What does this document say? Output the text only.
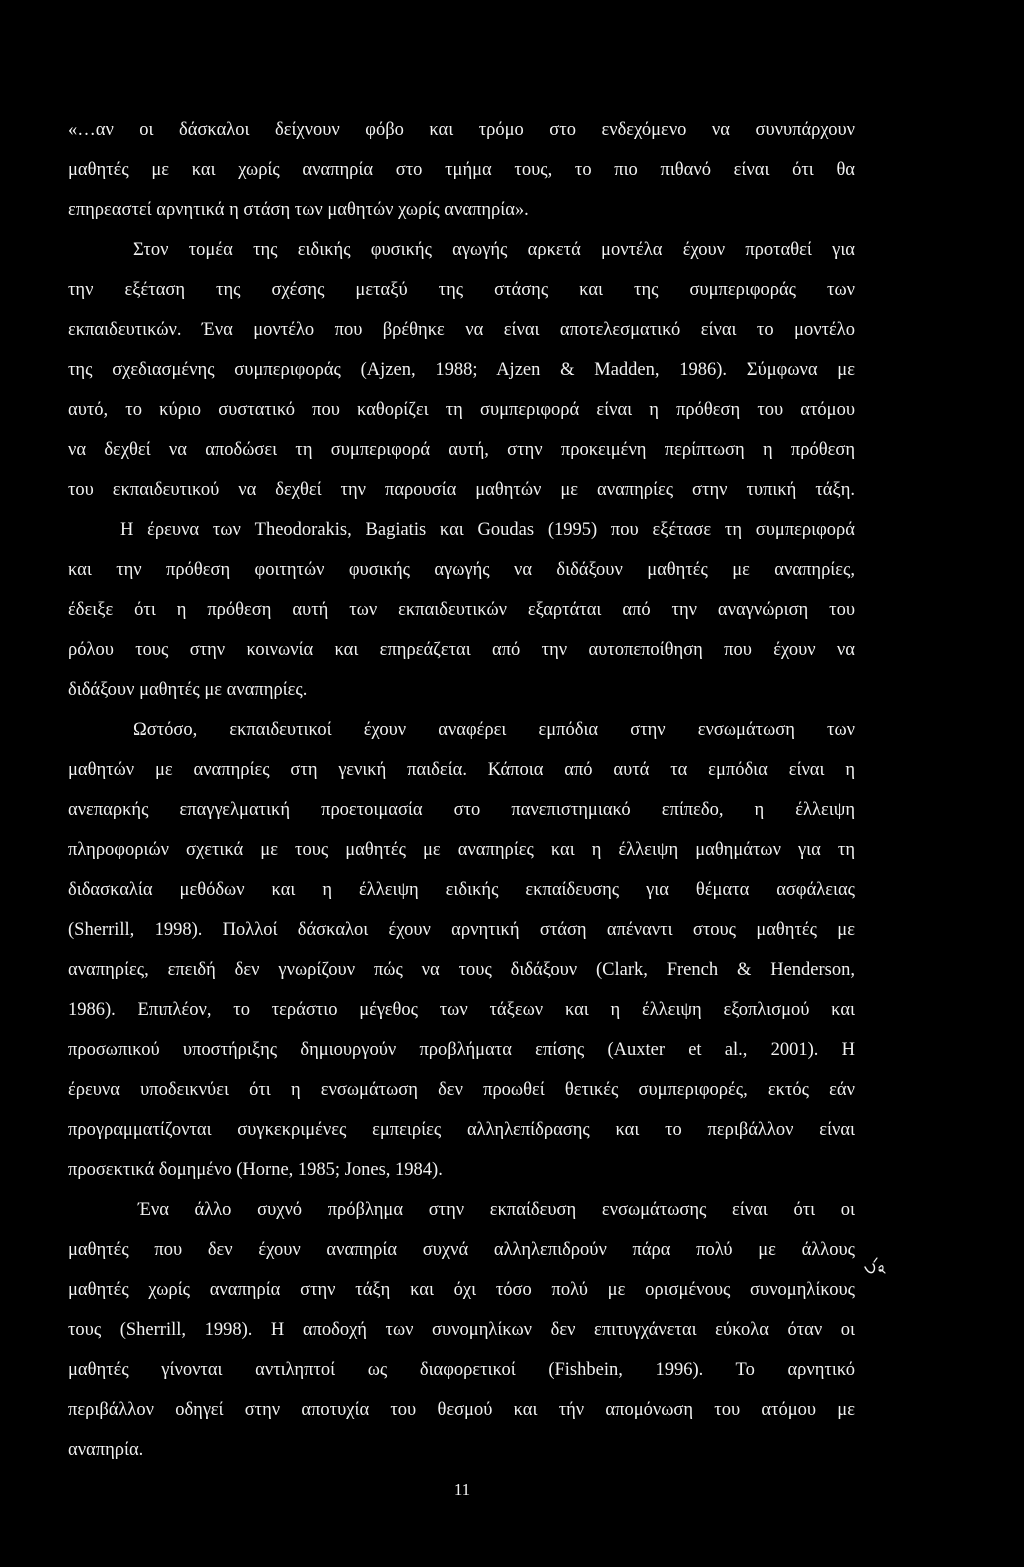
«…αν οι δάσκαλοι δείχνουν φόβο και τρόμο στο ενδεχόμενο να συνυπάρχουν
μαθητές με και χωρίς αναπηρία στο τμήμα τους, το πιο πιθανό είναι ότι θα
επηρεαστεί αρνητικά η στάση των μαθητών χωρίς αναπηρία».
Στον τομέα της ειδικής φυσικής αγωγής αρκετά μοντέλα έχουν προταθεί για
την εξέταση της σχέσης μεταξύ της στάσης και της συμπεριφοράς των
εκπαιδευτικών. Ένα μοντέλο που βρέθηκε να είναι αποτελεσματικό είναι το μοντέλο
της σχεδιασμένης συμπεριφοράς (Ajzen, 1988; Ajzen & Madden, 1986). Σύμφωνα με
αυτό, το κύριο συστατικό που καθορίζει τη συμπεριφορά είναι η πρόθεση του ατόμου
να δεχθεί να αποδώσει τη συμπεριφορά αυτή, στην προκειμένη περίπτωση η πρόθεση
του εκπαιδευτικού να δεχθεί την παρουσία μαθητών με αναπηρίες στην τυπική τάξη.
Η έρευνα των Theodorakis, Bagiatis και Goudas (1995) που εξέτασε τη συμπεριφορά
και την πρόθεση φοιτητών φυσικής αγωγής να διδάξουν μαθητές με αναπηρίες,
έδειξε ότι η πρόθεση αυτή των εκπαιδευτικών εξαρτάται από την αναγνώριση του
ρόλου τους στην κοινωνία και επηρεάζεται από την αυτοπεποίθηση που έχουν να
διδάξουν μαθητές με αναπηρίες.
Ωστόσο, εκπαιδευτικοί έχουν αναφέρει εμπόδια στην ενσωμάτωση των
μαθητών με αναπηρίες στη γενική παιδεία. Κάποια από αυτά τα εμπόδια είναι η
ανεπαρκής επαγγελματική προετοιμασία στο πανεπιστημιακό επίπεδο, η έλλειψη
πληροφοριών σχετικά με τους μαθητές με αναπηρίες και η έλλειψη μαθημάτων για τη
διδασκαλία μεθόδων και η έλλειψη ειδικής εκπαίδευσης για θέματα ασφάλειας
(Sherrill, 1998). Πολλοί δάσκαλοι έχουν αρνητική στάση απέναντι στους μαθητές με
αναπηρίες, επειδή δεν γνωρίζουν πώς να τους διδάξουν (Clark, French & Henderson,
1986). Επιπλέον, το τεράστιο μέγεθος των τάξεων και η έλλειψη εξοπλισμού και
προσωπικού υποστήριξης δημιουργούν προβλήματα επίσης (Auxter et al., 2001). Η
έρευνα υποδεικνύει ότι η ενσωμάτωση δεν προωθεί θετικές συμπεριφορές, εκτός εάν
προγραμματίζονται συγκεκριμένες εμπειρίες αλληλεπίδρασης και το περιβάλλον είναι
προσεκτικά δομημένο (Horne, 1985; Jones, 1984).
Ένα άλλο συχνό πρόβλημα στην εκπαίδευση ενσωμάτωσης είναι ότι οι
μαθητές που δεν έχουν αναπηρία συχνά αλληλεπιδρούν πάρα πολύ με άλλους
μαθητές χωρίς αναπηρία στην τάξη και όχι τόσο πολύ με ορισμένους συνομηλίκους
τους (Sherrill, 1998). Η αποδοχή των συνομηλίκων δεν επιτυγχάνεται εύκολα όταν οι
μαθητές γίνονται αντιληπτοί ως διαφορετικοί (Fishbein, 1996). Το αρνητικό
περιβάλλον οδηγεί στην αποτυχία του θεσμού και τήν απομόνωση του ατόμου με
αναπηρία.
11
